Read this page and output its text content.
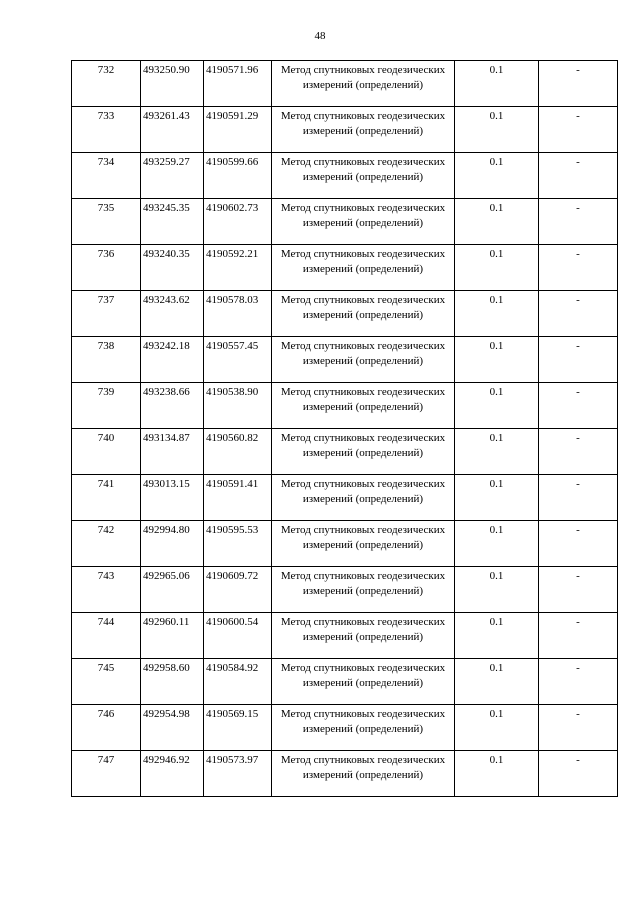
48
732	493250.90	4190571.96	Метод спутниковых геодезических измерений (определений)	0.1	-
733	493261.43	4190591.29	Метод спутниковых геодезических измерений (определений)	0.1	-
734	493259.27	4190599.66	Метод спутниковых геодезических измерений (определений)	0.1	-
735	493245.35	4190602.73	Метод спутниковых геодезических измерений (определений)	0.1	-
736	493240.35	4190592.21	Метод спутниковых геодезических измерений (определений)	0.1	-
737	493243.62	4190578.03	Метод спутниковых геодезических измерений (определений)	0.1	-
738	493242.18	4190557.45	Метод спутниковых геодезических измерений (определений)	0.1	-
739	493238.66	4190538.90	Метод спутниковых геодезических измерений (определений)	0.1	-
740	493134.87	4190560.82	Метод спутниковых геодезических измерений (определений)	0.1	-
741	493013.15	4190591.41	Метод спутниковых геодезических измерений (определений)	0.1	-
742	492994.80	4190595.53	Метод спутниковых геодезических измерений (определений)	0.1	-
743	492965.06	4190609.72	Метод спутниковых геодезических измерений (определений)	0.1	-
744	492960.11	4190600.54	Метод спутниковых геодезических измерений (определений)	0.1	-
745	492958.60	4190584.92	Метод спутниковых геодезических измерений (определений)	0.1	-
746	492954.98	4190569.15	Метод спутниковых геодезических измерений (определений)	0.1	-
747	492946.92	4190573.97	Метод спутниковых геодезических измерений (определений)	0.1	-
